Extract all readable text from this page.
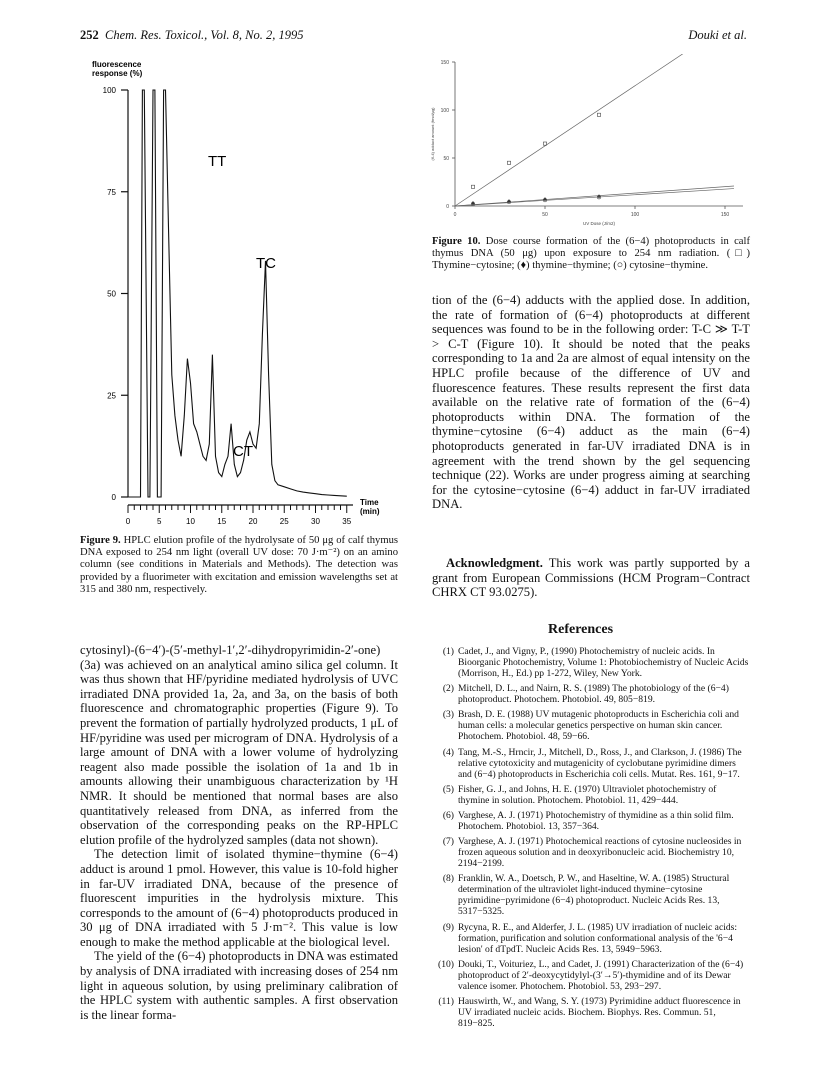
252 Chem. Res. Toxicol., Vol. 8, No. 2, 1995	Douki et al.
fluorescence
response (%)
0
25
50
75
100
0	5	10	15	20	25	30	35
TT
TC
CT
Time
(min)
Figure 9. HPLC elution profile of the hydrolysate of 50 μg of calf thymus DNA exposed to 254 nm light (overall UV dose: 70 J·m⁻²) on an amino column (see conditions in Materials and Methods). The detection was provided by a fluorimeter with excitation and emission wavelengths set at 315 and 380 nm, respectively.

cytosinyl)-(6−4′)-(5′-methyl-1′,2′-dihydropyrimidin-2′-one) (3a) was achieved on an analytical amino silica gel column. It was thus shown that HF/pyridine mediated hydrolysis of UVC irradiated DNA provided 1a, 2a, and 3a, on the basis of both fluorescence and chromatographic properties (Figure 9). To prevent the formation of partially hydrolyzed products, 1 μL of HF/pyridine was used per microgram of DNA. Hydrolysis of a large amount of DNA with a lower volume of hydrolyzing reagent also made possible the isolation of 1a and 1b in amounts allowing their unambiguous characterization by ¹H NMR. It should be mentioned that normal bases are also quantitatively released from DNA, as inferred from the observation of the corresponding peaks on the RP-HPLC elution profile of the hydrolyzed samples (data not shown).

The detection limit of isolated thymine−thymine (6−4) adduct is around 1 pmol. However, this value is 10-fold higher in far-UV irradiated DNA, because of the presence of fluorescent impurities in the hydrolysis mixture. This corresponds to the amount of (6−4) photoproducts produced in 30 μg of DNA irradiated with 5 J·m⁻². This value is low enough to make the method applicable at the biological level.

The yield of the (6−4) photoproducts in DNA was estimated by analysis of DNA irradiated with increasing doses of 254 nm light in aqueous solution, by using preliminary calibration of the HPLC system with authentic samples. A first observation is the linear forma-

0
50
100
150
0	50	100	150
UV Dose (J/m2)
(6-4) adduct amount (fmol/μg)
Figure 10. Dose course formation of the (6−4) photoproducts in calf thymus DNA (50 μg) upon exposure to 254 nm radiation. (□) Thymine−cytosine; (♦) thymine−thymine; (○) cytosine−thymine.

tion of the (6−4) adducts with the applied dose. In addition, the rate of formation of (6−4) photoproducts at different sequences was found to be in the following order: T-C ≫ T-T > C-T (Figure 10). It should be noted that the peaks corresponding to 1a and 2a are almost of equal intensity on the HPLC profile because of the difference of UV and fluorescence features. These results represent the first data available on the relative rate of formation of the (6−4) photoproducts within DNA. The formation of the thymine−cytosine (6−4) adduct as the main (6−4) photoproducts generated in far-UV irradiated DNA is in agreement with the trend shown by the gel sequencing technique (22). Works are under progress aiming at searching for the cytosine−cytosine (6−4) adduct in far-UV irradiated DNA.

Acknowledgment. This work was partly supported by a grant from European Commissions (HCM Program−Contract CHRX CT 93.0275).

References
(1) Cadet, J., and Vigny, P., (1990) Photochemistry of nucleic acids. In Bioorganic Photochemistry, Volume 1: Photobiochemistry of Nucleic Acids (Morrison, H., Ed.) pp 1-272, Wiley, New York.
(2) Mitchell, D. L., and Nairn, R. S. (1989) The photobiology of the (6−4) photoproduct. Photochem. Photobiol. 49, 805−819.
(3) Brash, D. E. (1988) UV mutagenic photoproducts in Escherichia coli and human cells: a molecular genetics perspective on human skin cancer. Photochem. Photobiol. 48, 59−66.
(4) Tang, M.-S., Hrncir, J., Mitchell, D., Ross, J., and Clarkson, J. (1986) The relative cytotoxicity and mutagenicity of cyclobutane pyrimidine dimers and (6−4) photoproducts in Escherichia coli cells. Mutat. Res. 161, 9−17.
(5) Fisher, G. J., and Johns, H. E. (1970) Ultraviolet photochemistry of thymine in solution. Photochem. Photobiol. 11, 429−444.
(6) Varghese, A. J. (1971) Photochemistry of thymidine as a thin solid film. Photochem. Photobiol. 13, 357−364.
(7) Varghese, A. J. (1971) Photochemical reactions of cytosine nucleosides in frozen aqueous solution and in deoxyribonucleic acid. Biochemistry 10, 2194−2199.
(8) Franklin, W. A., Doetsch, P. W., and Haseltine, W. A. (1985) Structural determination of the ultraviolet light-induced thymine−cytosine pyrimidine−pyrimidone (6−4) photoproduct. Nucleic Acids Res. 13, 5317−5325.
(9) Rycyna, R. E., and Alderfer, J. L. (1985) UV irradiation of nucleic acids: formation, purification and solution conformational analysis of the '6−4 lesion' of dTpdT. Nucleic Acids Res. 13, 5949−5963.
(10) Douki, T., Voituriez, L., and Cadet, J. (1991) Characterization of the (6−4) photoproduct of 2′-deoxycytidylyl-(3′→5′)-thymidine and of its Dewar valence isomer. Photochem. Photobiol. 53, 293−297.
(11) Hauswirth, W., and Wang, S. Y. (1973) Pyrimidine adduct fluorescence in UV irradiated nucleic acids. Biochem. Biophys. Res. Commun. 51, 819−825.
